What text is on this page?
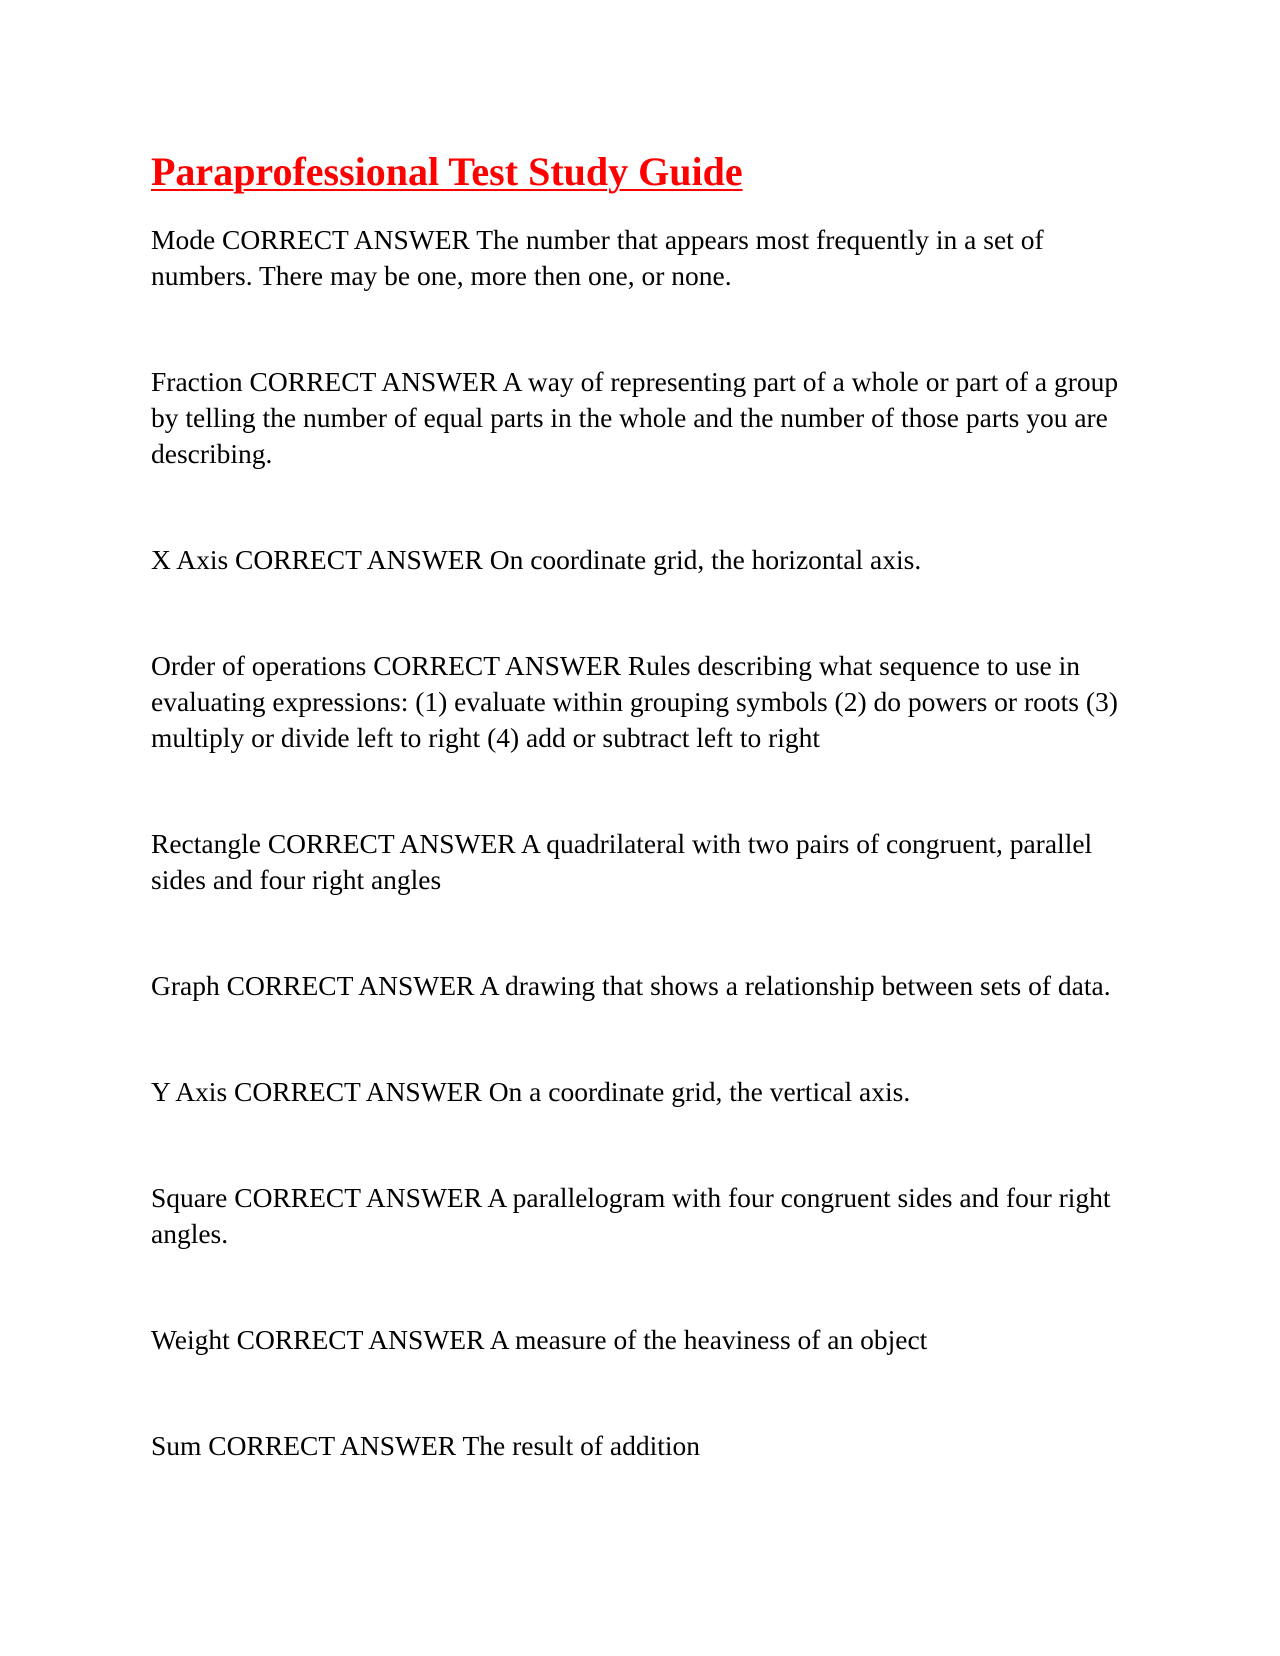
Paraprofessional Test Study Guide

Mode CORRECT ANSWER The number that appears most frequently in a set of numbers. There may be one, more then one, or none.

Fraction CORRECT ANSWER A way of representing part of a whole or part of a group by telling the number of equal parts in the whole and the number of those parts you are describing.

X Axis CORRECT ANSWER On coordinate grid, the horizontal axis.

Order of operations CORRECT ANSWER Rules describing what sequence to use in evaluating expressions: (1) evaluate within grouping symbols (2) do powers or roots (3) multiply or divide left to right (4) add or subtract left to right

Rectangle CORRECT ANSWER A quadrilateral with two pairs of congruent, parallel sides and four right angles

Graph CORRECT ANSWER A drawing that shows a relationship between sets of data.

Y Axis CORRECT ANSWER On a coordinate grid, the vertical axis.

Square CORRECT ANSWER A parallelogram with four congruent sides and four right angles.

Weight CORRECT ANSWER A measure of the heaviness of an object

Sum CORRECT ANSWER The result of addition
